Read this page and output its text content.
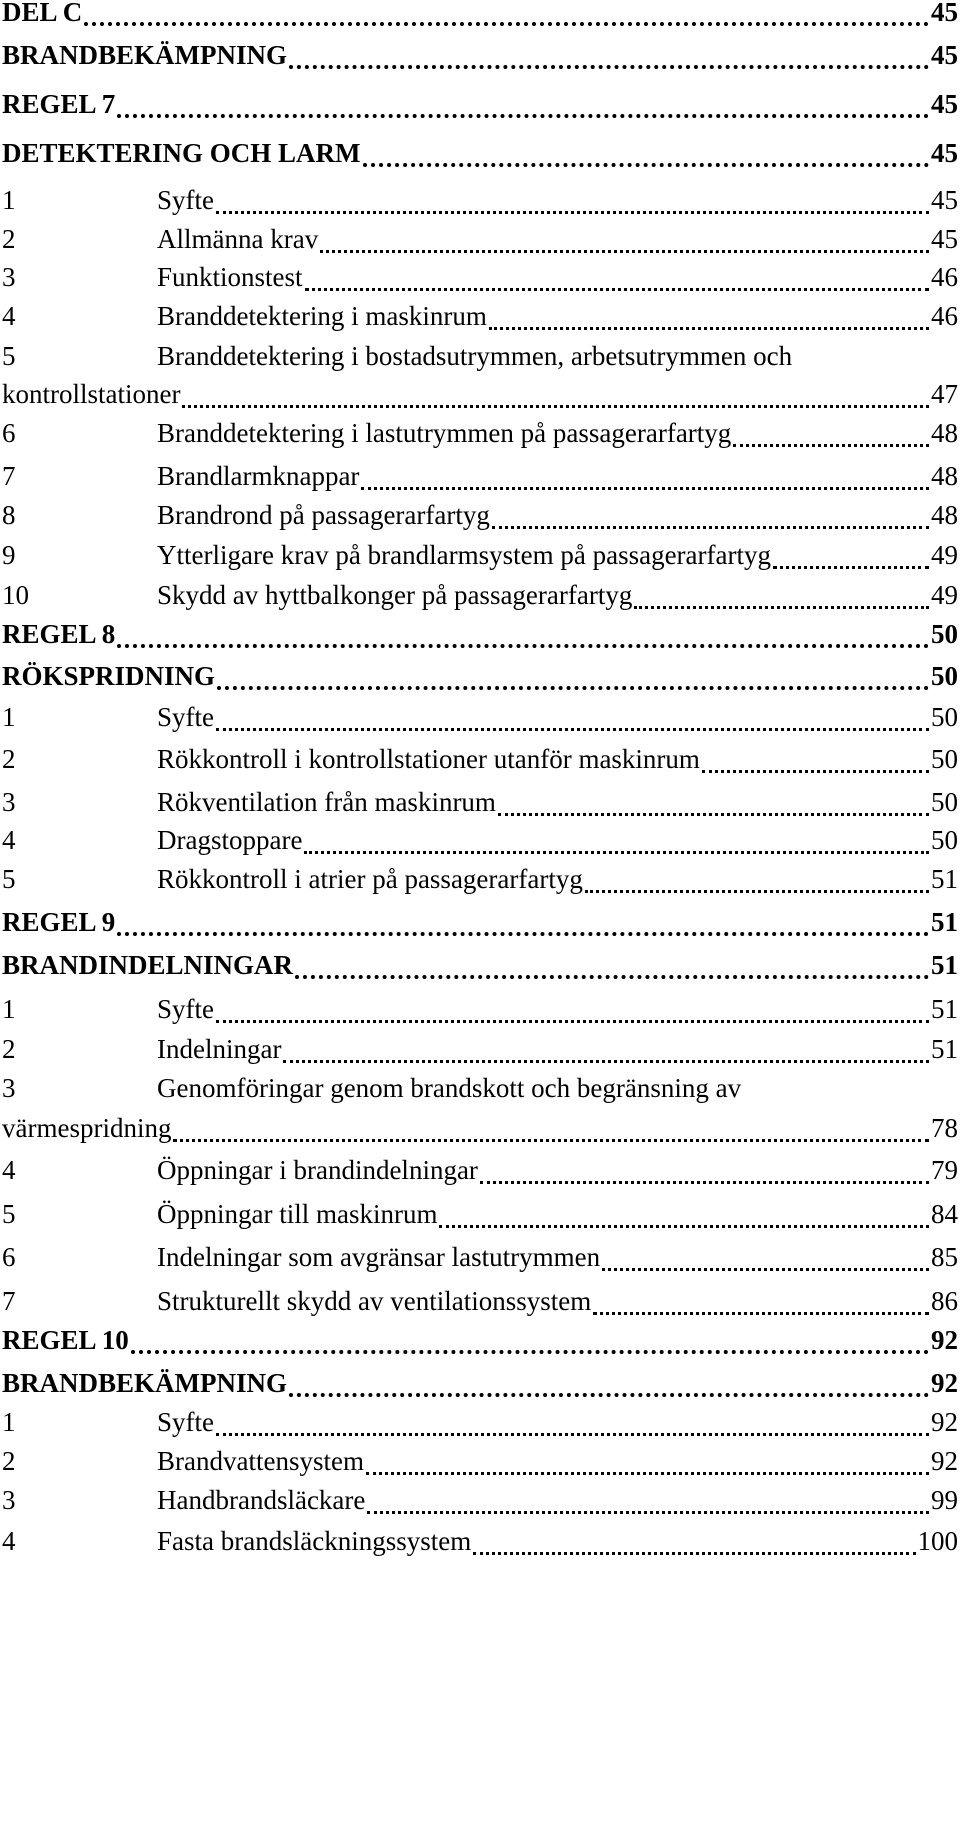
DEL C	45
BRANDBEKÄMPNING	45
REGEL 7	45
DETEKTERING OCH LARM	45
1	Syfte	45
2	Allmänna krav	45
3	Funktionstest	46
4	Branddetektering i maskinrum	46
5	Branddetektering i bostadsutrymmen, arbetsutrymmen och
kontrollstationer	47
6	Branddetektering i lastutrymmen på passagerarfartyg	48
7	Brandlarmknappar	48
8	Brandrond på passagerarfartyg	48
9	Ytterligare krav på brandlarmsystem på passagerarfartyg	49
10	Skydd av hyttbalkonger på passagerarfartyg	49
REGEL 8	50
RÖKSPRIDNING	50
1	Syfte	50
2	Rökkontroll i kontrollstationer utanför maskinrum	50
3	Rökventilation från maskinrum	50
4	Dragstoppare	50
5	Rökkontroll i atrier på passagerarfartyg	51
REGEL 9	51
BRANDINDELNINGAR	51
1	Syfte	51
2	Indelningar	51
3	Genomföringar genom brandskott och begränsning av
värmespridning	78
4	Öppningar i brandindelningar	79
5	Öppningar till maskinrum	84
6	Indelningar som avgränsar lastutrymmen	85
7	Strukturellt skydd av ventilationssystem	86
REGEL 10	92
BRANDBEKÄMPNING	92
1	Syfte	92
2	Brandvattensystem	92
3	Handbrandsläckare	99
4	Fasta brandsläckningssystem	100
